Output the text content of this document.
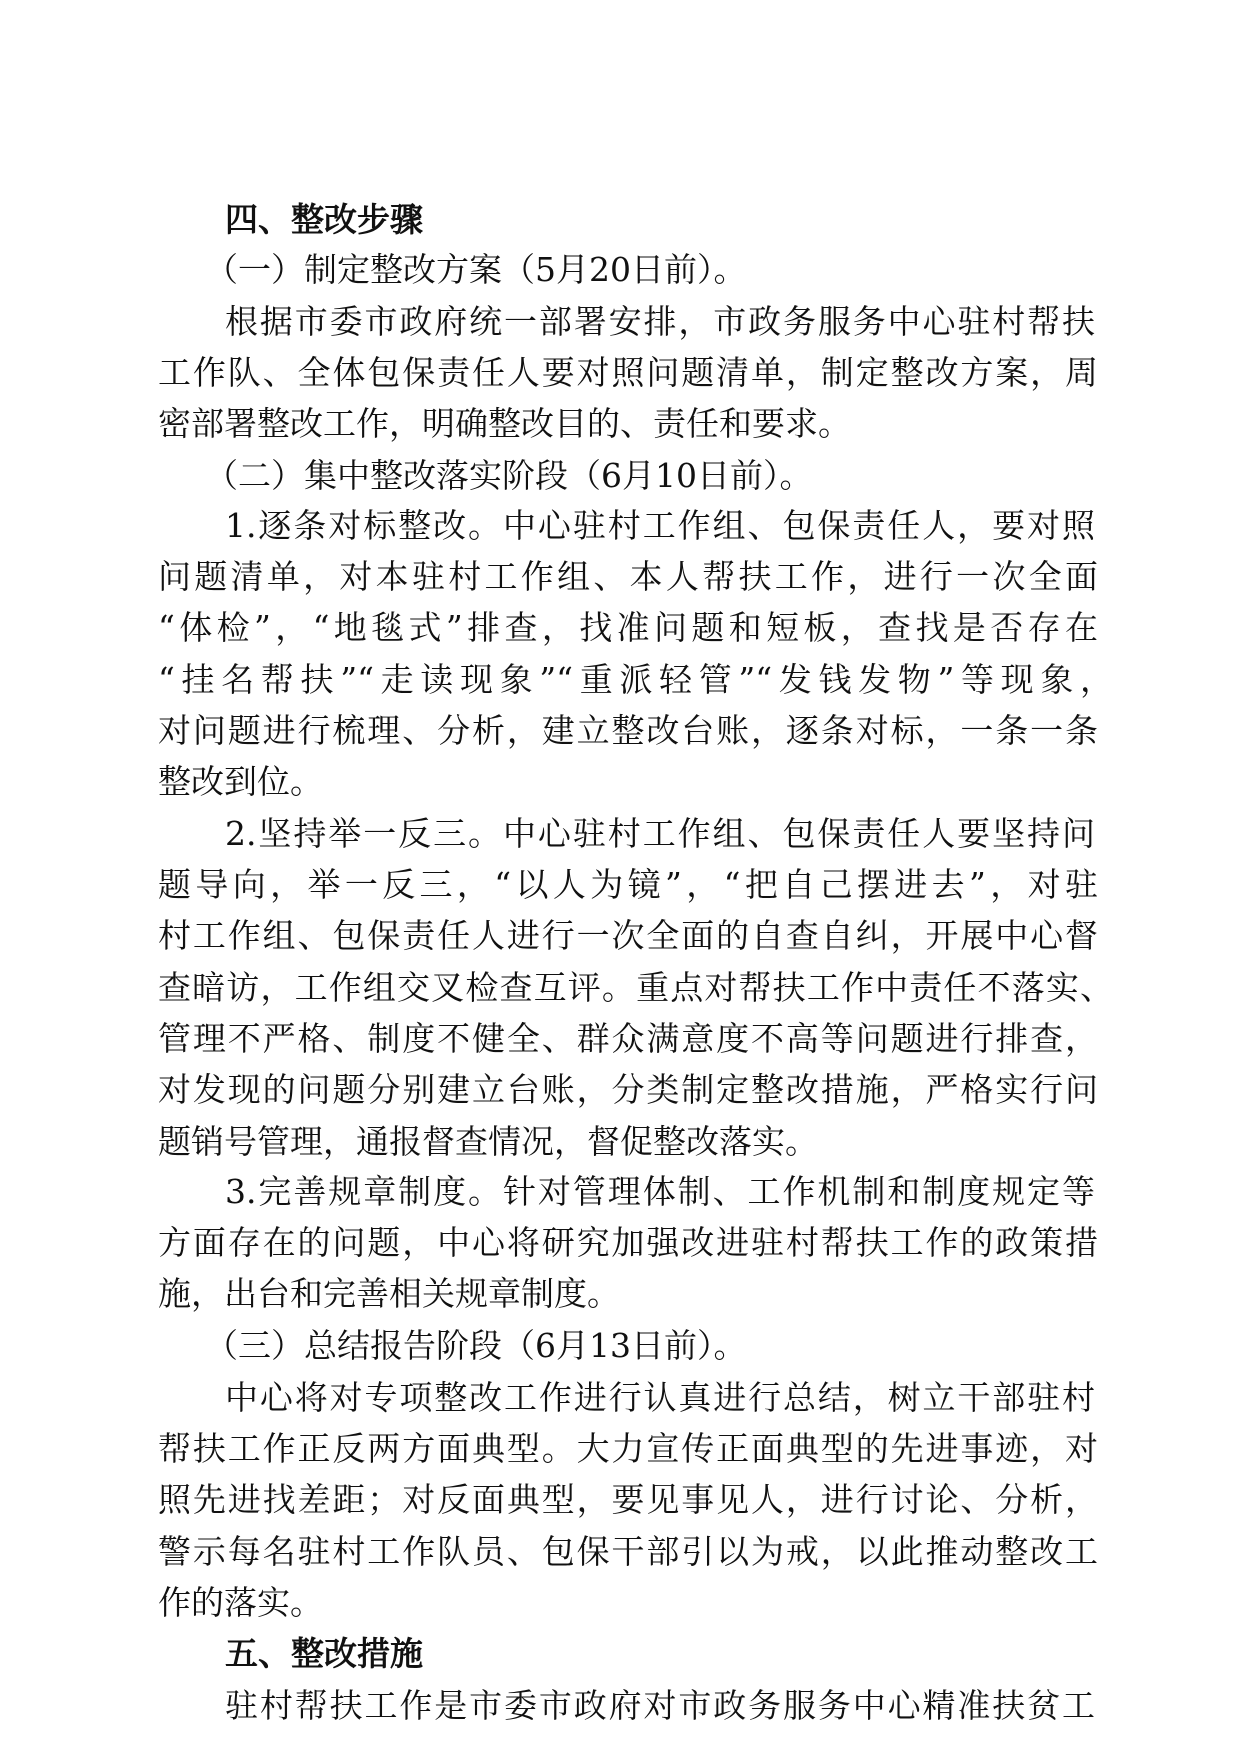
四、整改步骤
（一）制定整改方案（5月20日前）。
根据市委市政府统一部署安排，市政务服务中心驻村帮扶
工作队、全体包保责任人要对照问题清单，制定整改方案，周
密部署整改工作，明确整改目的、责任和要求。
（二）集中整改落实阶段（6月10日前）。
1.逐条对标整改。中心驻村工作组、包保责任人，要对照
问题清单，对本驻村工作组、本人帮扶工作，进行一次全面
“体检”，“地毯式”排查，找准问题和短板，查找是否存在
“挂名帮扶”“走读现象”“重派轻管”“发钱发物”等现象，
对问题进行梳理、分析，建立整改台账，逐条对标，一条一条
整改到位。
2.坚持举一反三。中心驻村工作组、包保责任人要坚持问
题导向，举一反三，“以人为镜”，“把自己摆进去”，对驻
村工作组、包保责任人进行一次全面的自查自纠，开展中心督
查暗访，工作组交叉检查互评。重点对帮扶工作中责任不落实、
管理不严格、制度不健全、群众满意度不高等问题进行排查，
对发现的问题分别建立台账，分类制定整改措施，严格实行问
题销号管理，通报督查情况，督促整改落实。
3.完善规章制度。针对管理体制、工作机制和制度规定等
方面存在的问题，中心将研究加强改进驻村帮扶工作的政策措
施，出台和完善相关规章制度。
（三）总结报告阶段（6月13日前）。
中心将对专项整改工作进行认真进行总结，树立干部驻村
帮扶工作正反两方面典型。大力宣传正面典型的先进事迹，对
照先进找差距；对反面典型，要见事见人，进行讨论、分析，
警示每名驻村工作队员、包保干部引以为戒，以此推动整改工
作的落实。
五、整改措施
驻村帮扶工作是市委市政府对市政务服务中心精准扶贫工
